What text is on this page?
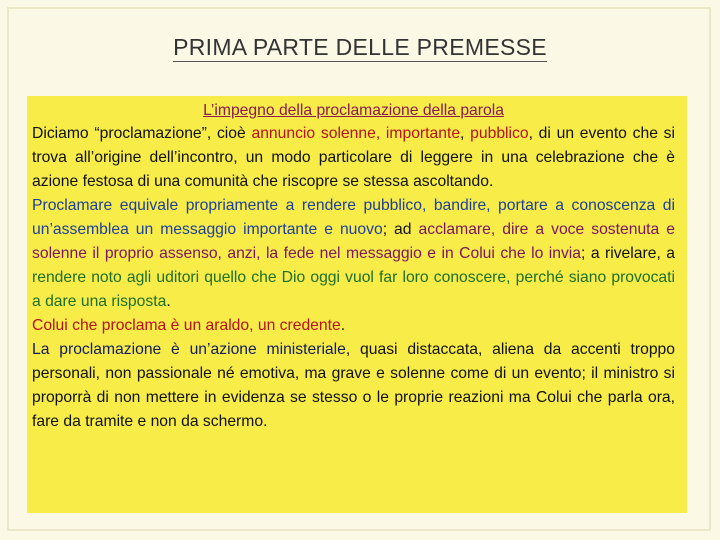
PRIMA PARTE DELLE PREMESSE
L’impegno della proclamazione della parola

Diciamo “proclamazione”, cioè annuncio solenne, importante, pubblico, di un evento che si trova all’origine dell’incontro, un modo particolare di leggere in una celebrazione che è azione festosa di una comunità che riscopre se stessa ascoltando.

Proclamare equivale propriamente a rendere pubblico, bandire, portare a conoscenza di un’assemblea un messaggio importante e nuovo; ad acclamare, dire a voce sostenuta e solenne il proprio assenso, anzi, la fede nel messaggio e in Colui che lo invia; a rivelare, a rendere noto agli uditori quello che Dio oggi vuol far loro conoscere, perché siano provocati a dare una risposta.

Colui che proclama è un araldo, un credente.

La proclamazione è un’azione ministeriale, quasi distaccata, aliena da accenti troppo personali, non passionale né emotiva, ma grave e solenne come di un evento; il ministro si proporrà di non mettere in evidenza se stesso o le proprie reazioni ma Colui che parla ora, fare da tramite e non da schermo.
